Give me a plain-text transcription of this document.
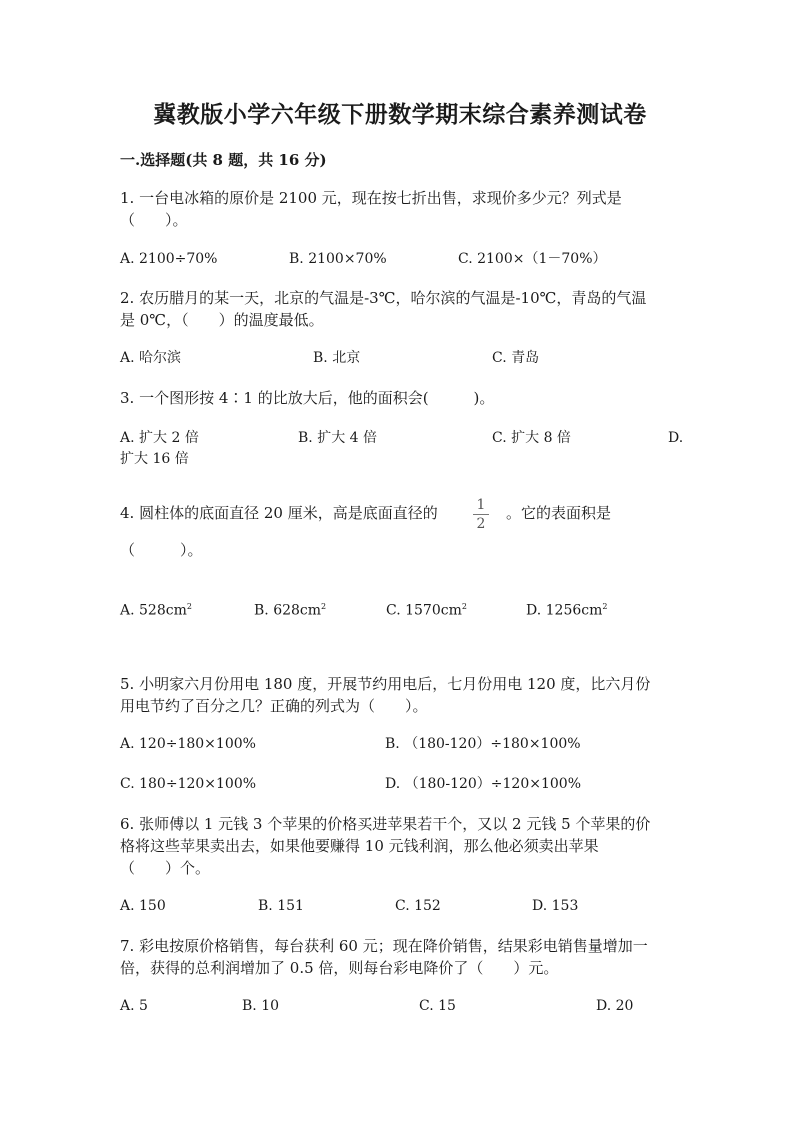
冀教版小学六年级下册数学期末综合素养测试卷
一.选择题(共 8 题，共 16 分)
1. 一台电冰箱的原价是 2100 元，现在按七折出售，求现价多少元？列式是
（　　）。
A. 2100÷70%	B. 2100×70%	C. 2100×（1－70%）
2. 农历腊月的某一天，北京的气温是-3℃，哈尔滨的气温是-10℃，青岛的气温
是 0℃，（　　）的温度最低。
A. 哈尔滨	B. 北京	C. 青岛
3. 一个图形按 4∶1 的比放大后，他的面积会(　　　)。
A. 扩大 2 倍	B. 扩大 4 倍	C. 扩大 8 倍	D.
扩大 16 倍
4. 圆柱体的底面直径 20 厘米，高是底面直径的	1
2
。它的表面积是
（　　　）。
A. $528cm^2$	B. $628cm^2$	C. $1570cm^2$	D. $1256cm^2$
5. 小明家六月份用电 180 度，开展节约用电后，七月份用电 120 度，比六月份
用电节约了百分之几？正确的列式为（　　）。
A. 120÷180×100%	B. （180-120）÷180×100%
C. 180÷120×100%	D. （180-120）÷120×100%
6. 张师傅以 1 元钱 3 个苹果的价格买进苹果若干个，又以 2 元钱 5 个苹果的价
格将这些苹果卖出去，如果他要赚得 10 元钱利润，那么他必须卖出苹果
（　　）个。
A. 150	B. 151	C. 152	D. 153
7. 彩电按原价格销售，每台获利 60 元；现在降价销售，结果彩电销售量增加一
倍，获得的总利润增加了 0.5 倍，则每台彩电降价了（　　）元。
A. 5	B. 10	C. 15	D. 20
